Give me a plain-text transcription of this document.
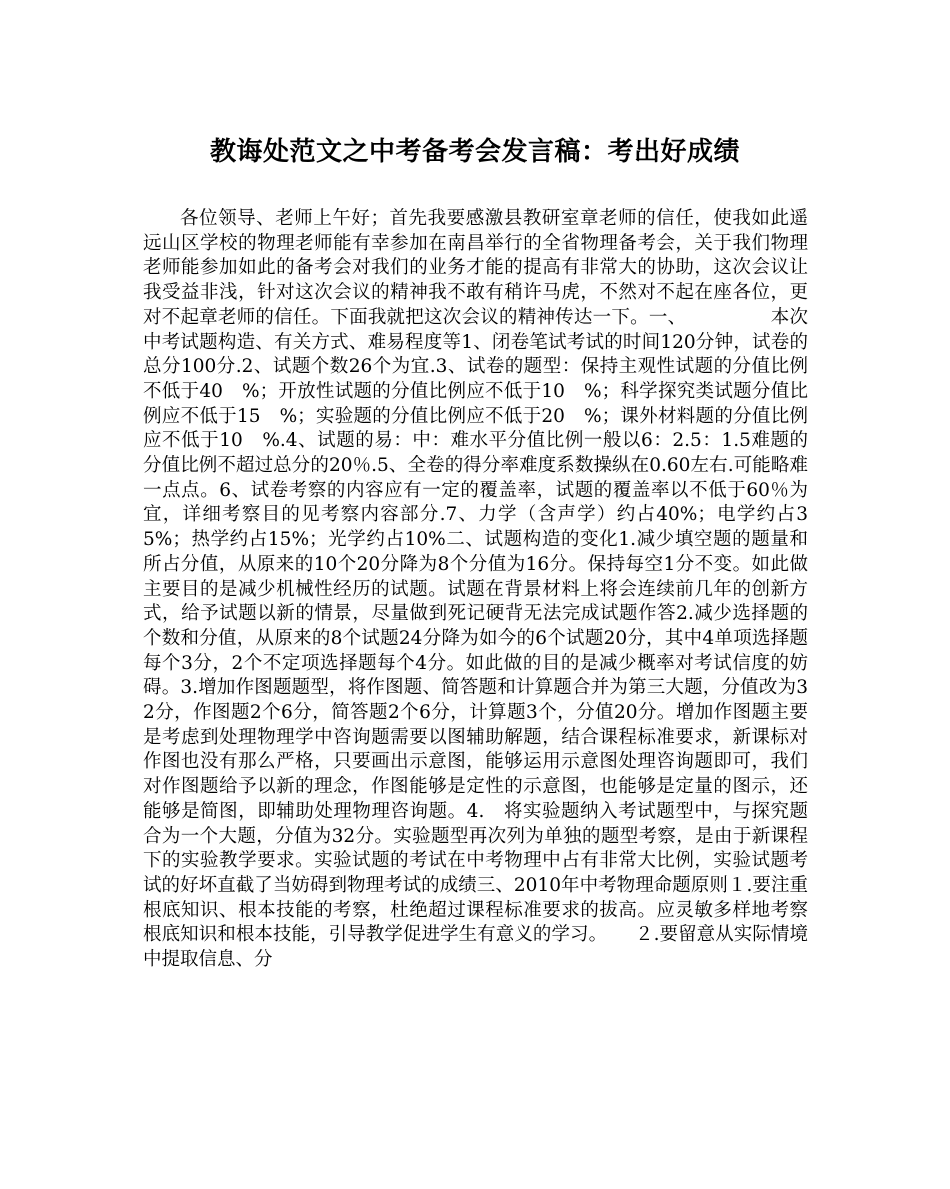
教诲处范文之中考备考会发言稿：考出好成绩

各位领导、老师上午好；首先我要感激县教研室章老师的信任，使我如此遥远山区学校的物理老师能有幸参加在南昌举行的全省物理备考会，关于我们物理老师能参加如此的备考会对我们的业务才能的提高有非常大的协助，这次会议让我受益非浅，针对这次会议的精神我不敢有稍许马虎，不然对不起在座各位，更对不起章老师的信任。下面我就把这次会议的精神传达一下。一、　　　　　本次中考试题构造、有关方式、难易程度等1、闭卷笔试考试的时间120分钟，试卷的总分100分.2、试题个数26个为宜.3、试卷的题型：保持主观性试题的分值比例不低于40　%；开放性试题的分值比例应不低于10　%；科学探究类试题分值比例应不低于15　%；实验题的分值比例应不低于20　%；课外材料题的分值比例应不低于10　%.4、试题的易：中：难水平分值比例一般以6：2.5：1.5难题的分值比例不超过总分的20％.5、全卷的得分率难度系数操纵在0.60左右.可能略难一点点。6、试卷考察的内容应有一定的覆盖率，试题的覆盖率以不低于60％为宜，详细考察目的见考察内容部分.7、力学（含声学）约占40%；电学约占35%；热学约占15%；光学约占10%二、试题构造的变化1.减少填空题的题量和所占分值，从原来的10个20分降为8个分值为16分。保持每空1分不变。如此做主要目的是减少机械性经历的试题。试题在背景材料上将会连续前几年的创新方式，给予试题以新的情景，尽量做到死记硬背无法完成试题作答2.减少选择题的个数和分值，从原来的8个试题24分降为如今的6个试题20分，其中4单项选择题每个3分，2个不定项选择题每个4分。如此做的目的是减少概率对考试信度的妨碍。3.增加作图题题型，将作图题、简答题和计算题合并为第三大题，分值改为32分，作图题2个6分，简答题2个6分，计算题3个，分值20分。增加作图题主要是考虑到处理物理学中咨询题需要以图辅助解题，结合课程标准要求，新课标对作图也没有那么严格，只要画出示意图，能够运用示意图处理咨询题即可，我们对作图题给予以新的理念，作图能够是定性的示意图，也能够是定量的图示，还能够是简图，即辅助处理物理咨询题。4.　将实验题纳入考试题型中，与探究题合为一个大题，分值为32分。实验题型再次列为单独的题型考察，是由于新课程下的实验教学要求。实验试题的考试在中考物理中占有非常大比例，实验试题考试的好坏直截了当妨碍到物理考试的成绩三、2010年中考物理命题原则１.要注重根底知识、根本技能的考察，杜绝超过课程标准要求的拔高。应灵敏多样地考察根底知识和根本技能，引导教学促进学生有意义的学习。　　２.要留意从实际情境中提取信息、分
